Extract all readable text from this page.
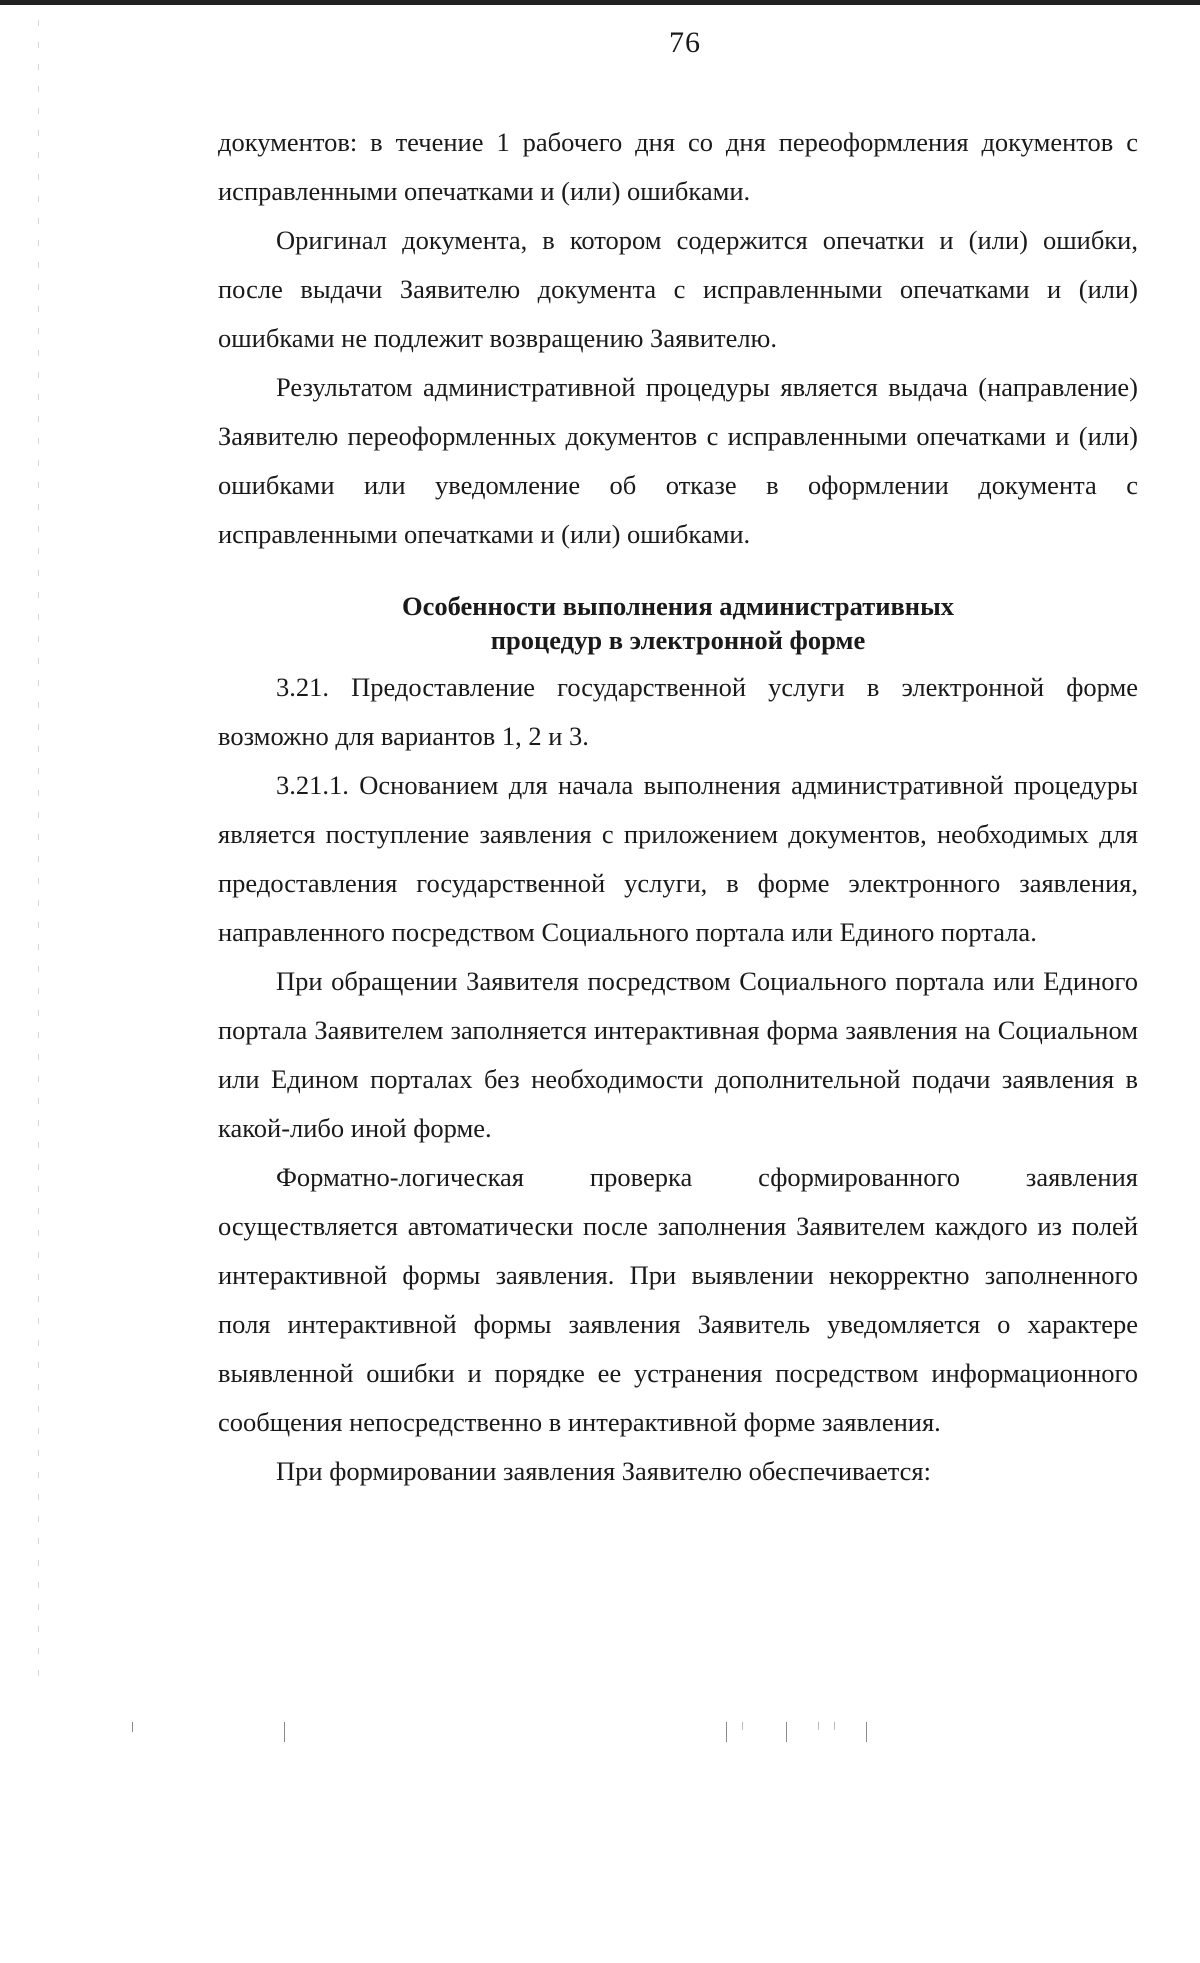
76

документов: в течение 1 рабочего дня со дня переоформления документов с исправленными опечатками и (или) ошибками.

Оригинал документа, в котором содержится опечатки и (или) ошибки, после выдачи Заявителю документа с исправленными опечатками и (или) ошибками не подлежит возвращению Заявителю.

Результатом административной процедуры является выдача (направление) Заявителю переоформленных документов с исправленными опечатками и (или) ошибками или уведомление об отказе в оформлении документа с исправленными опечатками и (или) ошибками.

Особенности выполнения административных

процедур в электронной форме

3.21. Предоставление государственной услуги в электронной форме возможно для вариантов 1, 2 и 3.

3.21.1. Основанием для начала выполнения административной процедуры является поступление заявления с приложением документов, необходимых для предоставления государственной услуги, в форме электронного заявления, направленного посредством Социального портала или Единого портала.

При обращении Заявителя посредством Социального портала или Единого портала Заявителем заполняется интерактивная форма заявления на Социальном или Едином порталах без необходимости дополнительной подачи заявления в какой-либо иной форме.

Форматно-логическая проверка сформированного заявления осуществляется автоматически после заполнения Заявителем каждого из полей интерактивной формы заявления. При выявлении некорректно заполненного поля интерактивной формы заявления Заявитель уведомляется о характере выявленной ошибки и порядке ее устранения посредством информационного сообщения непосредственно в интерактивной форме заявления.

При формировании заявления Заявителю обеспечивается:
